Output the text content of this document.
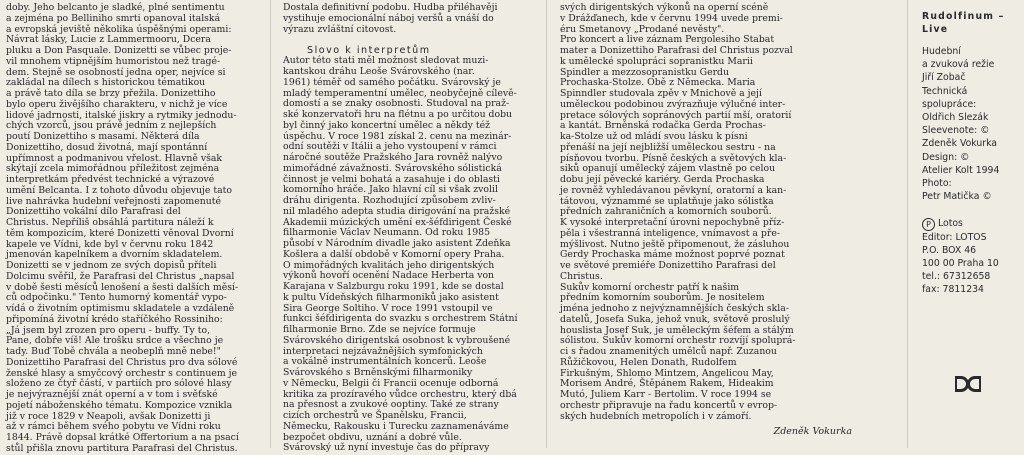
doby. Jeho belcanto je sladké, plné sentimentu

a zejména po Belliniho smrti opanoval italská

a evropská jeviště několika úspěšnými operami:

Návrat lásky, Lucie z Lammermooru, Dcera

pluku a Don Pasquale. Donizetti se vůbec proje-

vil mnohem vtipnějším humoristou než tragé-

dem. Stejně se osobností jedna oper, nejvíce si

zakládal na dílech s historickou tématikou

a právě tato díla se brzy přežila. Donizettiho

bylo operu živějšího charakteru, v nichž je více

lidové jadrnosti, italské jiskry a rytmiky jednodu-

chých vzorců, jsou právě jedním z nejlepších

poutí Donizettiho s masami. Některá díla

Donizettiho, dosud životná, mají spontánní

upřímnost a podmanivou vřelost. Hlavně však

skýtají zcela mimořádnou příležitost zejména

interpretkám předvést technické a výrazové

umění Belcanta. I z tohoto důvodu objevuje tato

live nahrávka hudební veřejnosti zapomenuté

Donizettiho vokální dílo Parafrasi del

Christus. Nepříliš obsáhlá partitura náleží k

těm kompozicím, které Donizetti věnoval Dvorní

kapele ve Vídni, kde byl v červnu roku 1842

jmenován kapelníkem a dvorním skladatelem.

Donizetti se v jednom ze svých dopisů příteli

Dolcimu svěřil, že Parafrasi del Christus „napsal

v době šesti měsíců lenošení a šesti dalších měsí-

ců odpočinku." Tento humorný komentář vypo-

vídá o životním optimismu skladatele a vzdáleně

připomíná životní krédo staříčkého Rossiniho:

„Já jsem byl zrozen pro operu - buffy. Ty to,

Pane, dobře víš! Ale trošku srdce a všechno je

tady. Buď Tobě chvála a neobeplň mně nebe!"

Donizettiho Parafrasi del Christus pro dva sólové

ženské hlasy a smyčcový orchestr s continuem je

složeno ze čtyř částí, v partiích pro sólové hlasy

je nejvýraznější znát operní a v tom i svěťské

pojetí náboženského tématu. Kompozice vznikla

již v roce 1829 v Neapoli, avšak Donizetti ji

až v rámci během svého pobytu ve Vídni roku

1844. Právě dopsal krátké Offertorium a na psací

stůl přišla znovu partitura Parafrasi del Christus.

Dostala definitivní podobu. Hudba přiléhavěji

vystihuje emocionální náboj veršů a vnáší do

výrazu zvláštní citovost.

Slovo k interpretům

Autor této stati měl možnost sledovat muzi-

kantskou dráhu Leoše Svárovského (nar.

1961) téměř od samého počátku. Svárovský je

mladý temperamentní umělec, neobyčejně cílevě-

domostí a se znaky osobnosti. Studoval na praž-

ské konzervatoři hru na flétnu a po určitou dobu

byl činný jako koncertní umělec a někdy též

úspěchu. V roce 1981 získal 2. cenu na mezinár-

odní soutěži v Itálii a jeho vystoupení v rámci

náročné soutěže Pražského Jara rovněž nalývo

mimořádné závažnosti. Svárovského sólistická

činnost je velmi bohatá a zasahuje i do oblasti

komorního hráče. Jako hlavní cíl si však zvolil

dráhu dirigenta. Rozhodující způsobem zvliv-

nil mladého adepta studia dirigování na pražské

Akademii múzických umění ex-šéfdirigent České

filharmonie Václav Neumann. Od roku 1985

působí v Národním divadle jako asistent Zdeňka

Košlera a další obdobě v Komorní opery Praha.

O mimořádných kvalitách jeho dirigentských

výkonů hovoří ocenění Nadace Herberta von

Karajana v Salzburgu roku 1991, kde se dostal

k pultu Vídeňských filharmoniků jako asistent

Sira George Soltiho. V roce 1991 vstoupil ve

funkci šéfdirigenta do svazku s orchestrem Státní

filharmonie Brno. Zde se nejvíce formuje

Svárovského dirigentská osobnost k vybroušené

interpretaci nejzávažnějších symfonických

a vokálně instrumentálních koncerů. Leoše

Svárovského s Brněnskými filharmoniky

v Německu, Belgii či Francii ocenuje odborná

kritika za prozíravého vůdce orchestru, který dbá

na přesnost a zvukové ooptiny. Také ze strany

cizích orchestrů ve Španělsku, Francii,

Německu, Rakousku i Turecku zaznamenáváme

bezpočet obdivu, uznání a dobré vůle.

Svárovský už nyní investuje čas do přípravy

svých dirigentských výkonů na operní scéně

v Drážďanech, kde v červnu 1994 uvede premi-

éru Smetanovy „Prodané nevěsty".

Pro koncert a live záznam Pergolesiho Stabat

mater a Donizettiho Parafrasi del Christus pozval

k umělecké spolupráci sopranistku Marii

Spindler a mezzosopranistku Gerdu

Prochaska-Stolze. Obě z Německa. Maria

Spinndler studovala zpěv v Mnichově a její

uměleckou podobinou zvýrazňuje výlučné inter-

pretace sólových sopránových partií mší, oratorií

a kantát. Brněnská rodačka Gerda Prochas-

ka-Stolze už od mládí svou lásku k písni

přenáší na její nejbližší uměleckou sestru - na

písňovou tvorbu. Písně českých a světových kla-

siků opanují umělecký zájem vlastně po celou

dobu její pěvecké kariéry. Gerda Prochaska

je rovněž vyhledávanou pěvkyní, oratorní a kan-

tátovou, význammé se uplatňuje jako sólistka

předních zahraničních a komorních souborů.

K vysoké interpretační úrovni nepochybně příz-

pěla i všestranná inteligence, vnímavost a pře-

mýšlivost. Nutno ještě připomenout, že zásluhou

Gerdy Prochaska máme možnost poprvé poznat

ve světové premiéře Donizettiho Parafrasi del

Christus.

Sukův komorní orchestr patří k našim

předním komorním souborům. Je nositelem

jména jednoho z nejvýznamnějších českých skla-

datelů, Josefa Suka, jehož vnuk, světově proslulý

houslista Josef Suk, je uměleckým šéfem a stálým

sólistou. Sukův komorní orchestr rozvíjí spoluprá-

ci s řadou znamenitých umělců např. Zuzanou

Růžičkovou, Helen Donath, Rudolfem

Firkušným, Shlomo Mintzem, Angelicou May,

Morisem André, Štěpánem Rakem, Hideakim

Mutó, Juliem Karr - Bertolim. V roce 1994 se

orchestr připravuje na řadu koncertů v evrop-

ských hudebních metropolích i v zámoří.

Zdeněk Vokurka
Rudolfinum –
Live
Hudební
a zvuková režie
Jiří Zobač
Technická
spolupráce:
Oldřich Slezák
Sleevenote: ©
Zdeněk Vokurka
Design: ©
Atelier Kolt 1994
Photo:
Petr Matička ©
P Lotos
Editor: LOTOS
P.O. BOX 46
100 00 Praha 10
tel.: 67312658
fax: 7811234
